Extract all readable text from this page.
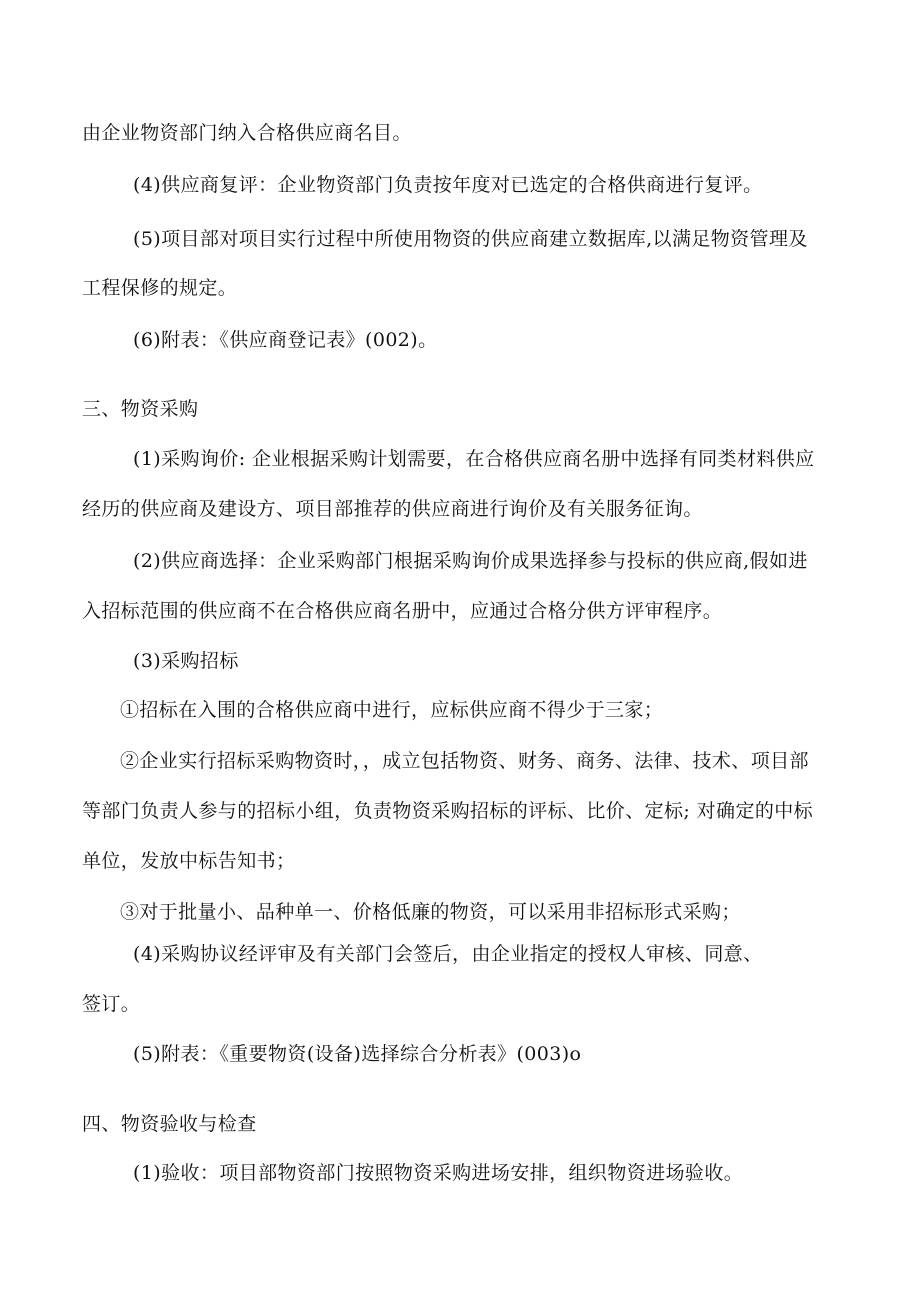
由企业物资部门纳入合格供应商名目。
(4)供应商复评：企业物资部门负责按年度对已选定的合格供商进行复评。
(5)项目部对项目实行过程中所使用物资的供应商建立数据库,以满足物资管理及
工程保修的规定。
(6)附表：《供应商登记表》(002)。
三、物资采购
(1)采购询价: 企业根据采购计划需要，在合格供应商名册中选择有同类材料供应
经历的供应商及建设方、项目部推荐的供应商进行询价及有关服务征询。
(2)供应商选择：企业采购部门根据采购询价成果选择参与投标的供应商,假如进
入招标范围的供应商不在合格供应商名册中，应通过合格分供方评审程序。
(3)采购招标
①招标在入围的合格供应商中进行，应标供应商不得少于三家；
②企业实行招标采购物资时，，成立包括物资、财务、商务、法律、技术、项目部
等部门负责人参与的招标小组，负责物资采购招标的评标、比价、定标; 对确定的中标
单位，发放中标告知书；
③对于批量小、品种单一、价格低廉的物资，可以采用非招标形式采购；
(4)采购协议经评审及有关部门会签后，由企业指定的授权人审核、同意、
签订。
(5)附表：《重要物资(设备)选择综合分析表》(003)o
四、物资验收与检查
(1)验收：项目部物资部门按照物资采购进场安排，组织物资进场验收。
